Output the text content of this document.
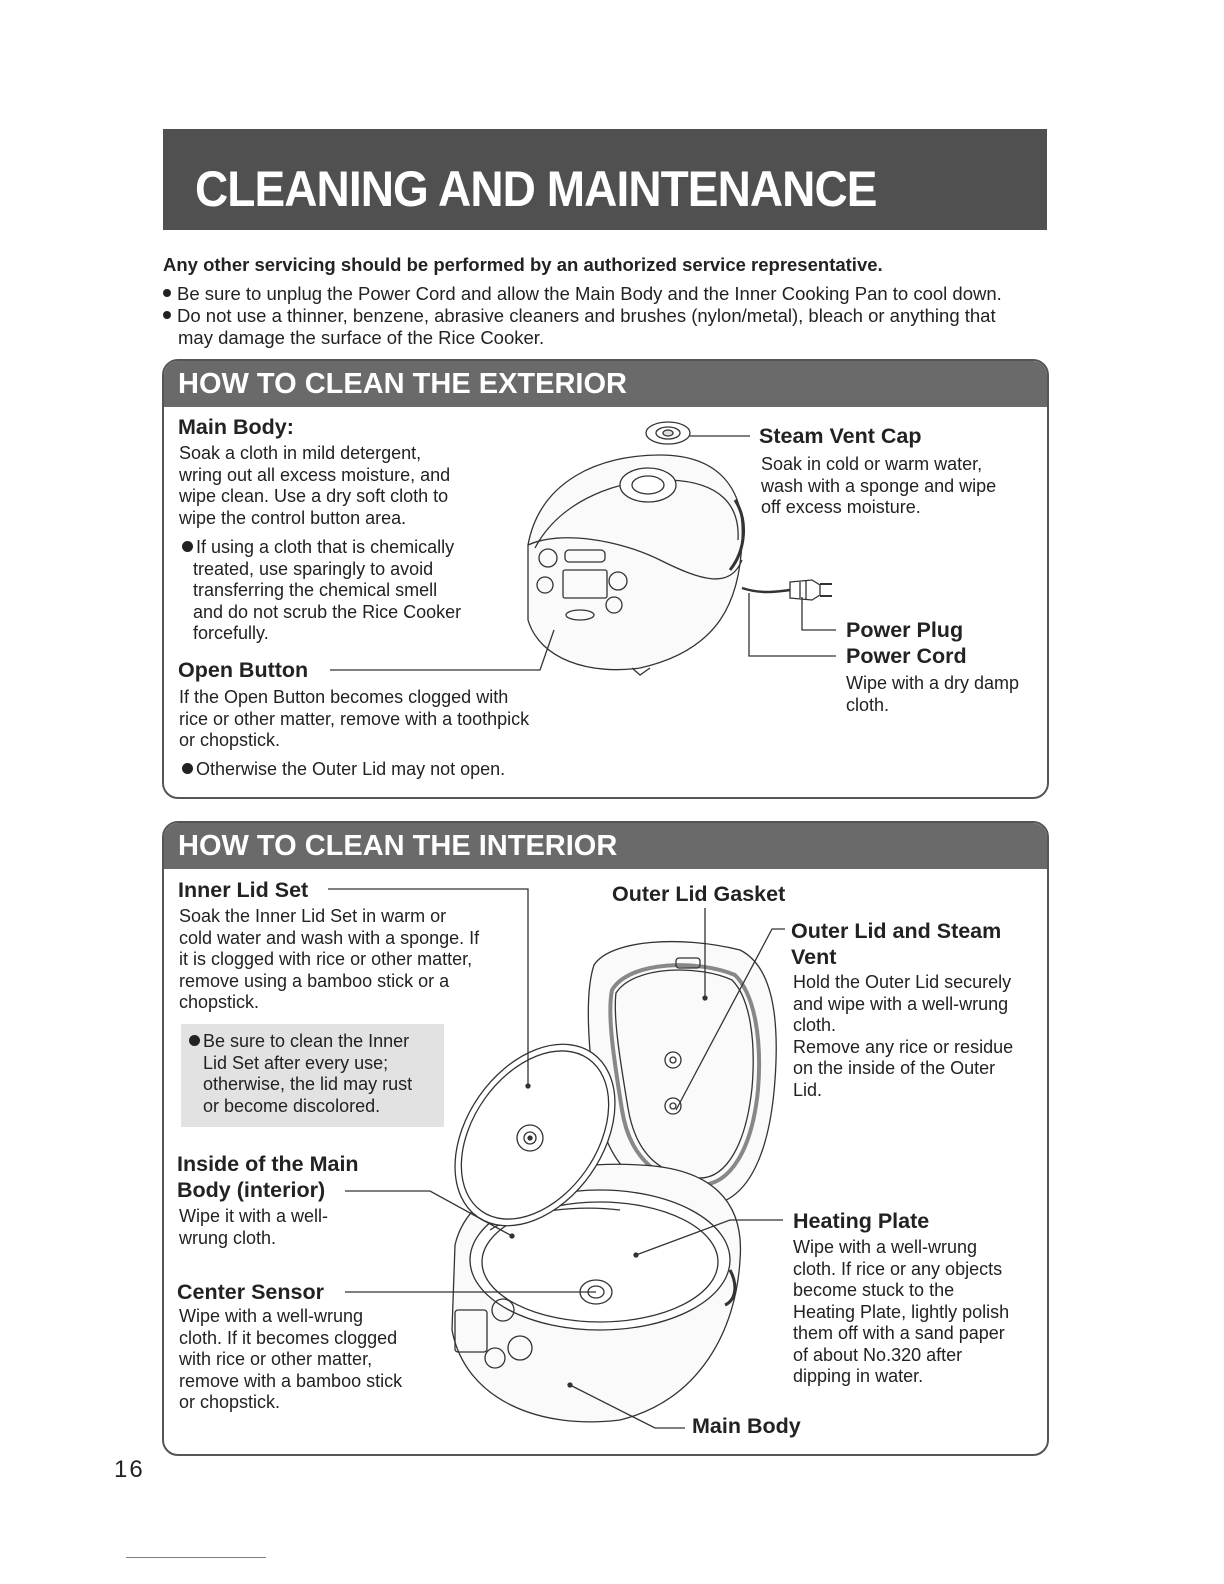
CLEANING AND MAINTENANCE
Any other servicing should be performed by an authorized service representative.
Be sure to unplug the Power Cord and allow the Main Body and the Inner Cooking Pan to cool down.
Do not use a thinner, benzene, abrasive cleaners and brushes (nylon/metal), bleach or anything that
may damage the surface of the Rice Cooker.
HOW TO CLEAN THE EXTERIOR
Main Body:
Soak a cloth in mild detergent,
wring out all excess moisture, and
wipe clean. Use a dry soft cloth to
wipe the control button area.
If using a cloth that is chemically
treated, use sparingly to avoid
transferring the chemical smell
and do not scrub the Rice Cooker
forcefully.
Open Button
If the Open Button becomes clogged with
rice or other matter, remove with a toothpick
or chopstick.
Otherwise the Outer Lid may not open.
Steam Vent Cap
Soak in cold or warm water,
wash with a sponge and wipe
off excess moisture.
Power Plug
Power Cord
Wipe with a dry damp
cloth.
HOW TO CLEAN THE INTERIOR
Inner Lid Set
Soak the Inner Lid Set in warm or
cold water and wash with a sponge. If
it is clogged with rice or other matter,
remove using a bamboo stick or a
chopstick.
Be sure to clean the Inner
Lid Set after every use;
otherwise, the lid may rust
or become discolored.
Inside of the Main
Body (interior)
Wipe it with a well-
wrung cloth.
Center Sensor
Wipe with a well-wrung
cloth. If it becomes clogged
with rice or other matter,
remove with a bamboo stick
or chopstick.
Outer Lid Gasket
Outer Lid and Steam
Vent
Hold the Outer Lid securely
and wipe with a well-wrung
cloth.
Remove any rice or residue
on the inside of the Outer
Lid.
Heating Plate
Wipe with a well-wrung
cloth. If rice or any objects
become stuck to the
Heating Plate, lightly polish
them off with a sand paper
of about No.320 after
dipping in water.
Main Body
16
